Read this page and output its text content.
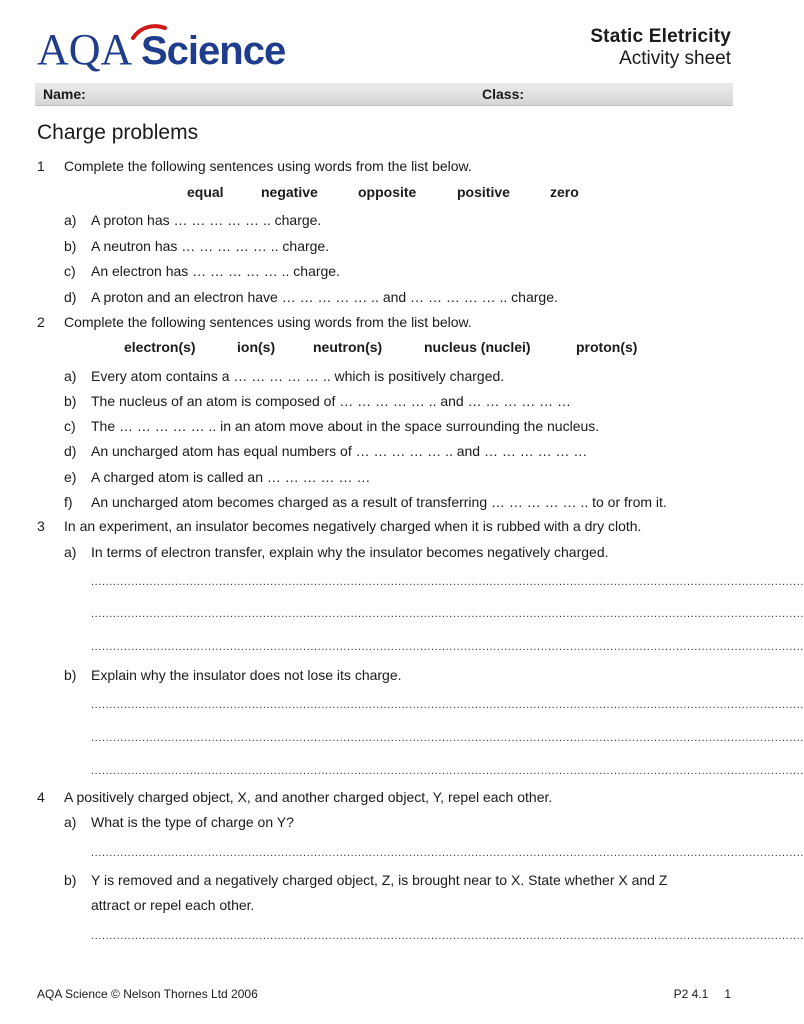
AQA Science	Static Eletricity
Activity sheet
Name:	Class:
Charge problems
1 Complete the following sentences using words from the list below.
equal	negative	opposite	positive	zero
a) A proton has … … … … … .. charge.
b) A neutron has … … … … … .. charge.
c) An electron has … … … … … .. charge.
d) A proton and an electron have … … … … … .. and … … … … … .. charge.
2 Complete the following sentences using words from the list below.
electron(s)	ion(s)	neutron(s)	nucleus (nuclei)	proton(s)
a) Every atom contains a … … … … … .. which is positively charged.
b) The nucleus of an atom is composed of … … … … … .. and … … … … … …
c) The … … … … … .. in an atom move about in the space surrounding the nucleus.
d) An uncharged atom has equal numbers of … … … … … .. and … … … … … …
e) A charged atom is called an … … … … … …
f) An uncharged atom becomes charged as a result of transferring … … … … … .. to or from it.
3 In an experiment, an insulator becomes negatively charged when it is rubbed with a dry cloth.
a) In terms of electron transfer, explain why the insulator becomes negatively charged.
...................................................................................................................................................................................................
...................................................................................................................................................................................................
...................................................................................................................................................................................................
b) Explain why the insulator does not lose its charge.
...................................................................................................................................................................................................
...................................................................................................................................................................................................
...................................................................................................................................................................................................
4 A positively charged object, X, and another charged object, Y, repel each other.
a) What is the type of charge on Y?
...................................................................................................................................................................................................
b) Y is removed and a negatively charged object, Z, is brought near to X. State whether X and Z
attract or repel each other.
...................................................................................................................................................................................................
AQA Science © Nelson Thornes Ltd 2006	P2 4.1 1
